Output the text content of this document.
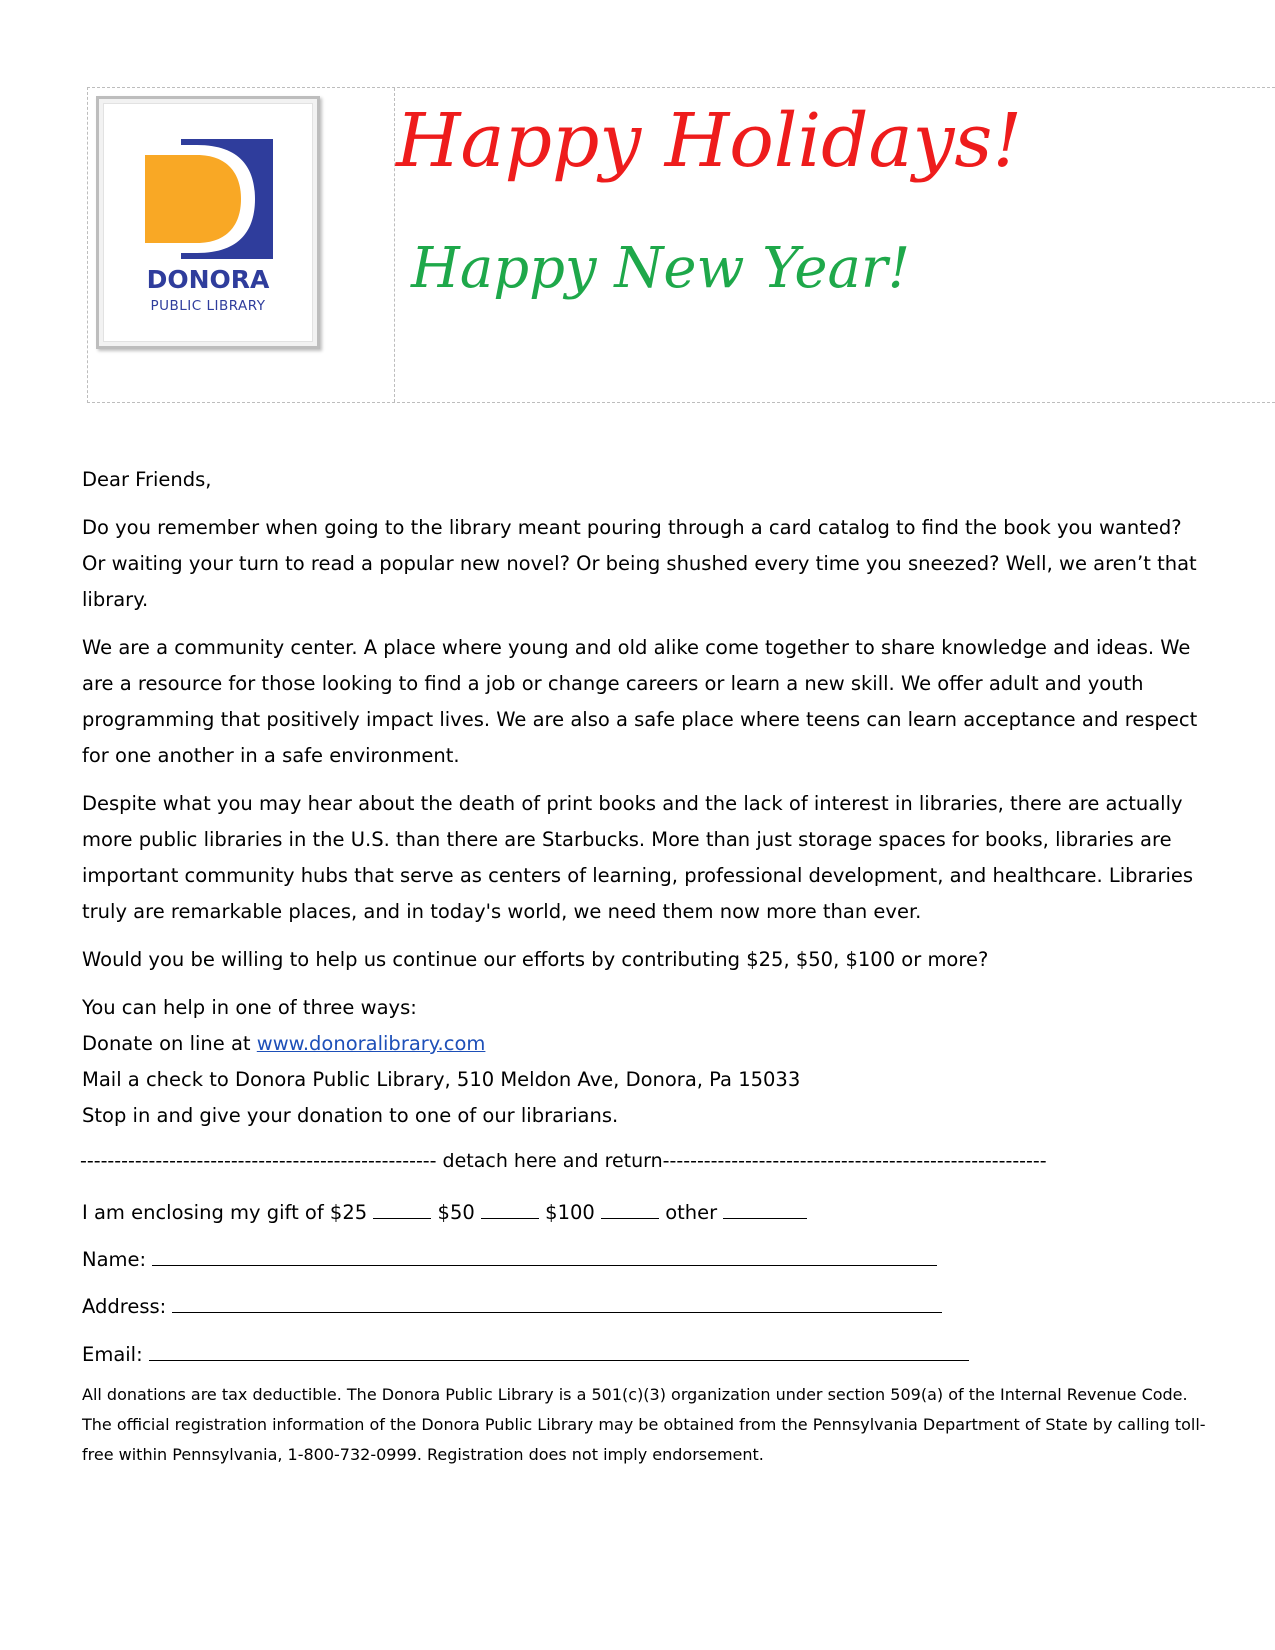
DONORA
PUBLIC LIBRARY
Happy Holidays!
Happy New Year!

Dear Friends,

Do you remember when going to the library meant pouring through a card catalog to find the book you wanted? Or waiting your turn to read a popular new novel? Or being shushed every time you sneezed? Well, we aren’t that library.

We are a community center. A place where young and old alike come together to share knowledge and ideas. We are a resource for those looking to find a job or change careers or learn a new skill. We offer adult and youth programming that positively impact lives. We are also a safe place where teens can learn acceptance and respect for one another in a safe environment.

Despite what you may hear about the death of print books and the lack of interest in libraries, there are actually more public libraries in the U.S. than there are Starbucks. More than just storage spaces for books, libraries are important community hubs that serve as centers of learning, professional development, and healthcare. Libraries truly are remarkable places, and in today's world, we need them now more than ever.

Would you be willing to help us continue our efforts by contributing $25, $50, $100 or more?

You can help in one of three ways:
Donate on line at www.donoralibrary.com
Mail a check to Donora Public Library, 510 Meldon Ave, Donora, Pa 15033
Stop in and give your donation to one of our librarians.
---------------------------------------------------- detach here and return--------------------------------------------------------
I am enclosing my gift of $25	$50	$100	other
Name:
Address:
Email:
All donations are tax deductible. The Donora Public Library is a 501(c)(3) organization under section 509(a) of the Internal Revenue Code. The official registration information of the Donora Public Library may be obtained from the Pennsylvania Department of State by calling toll-free within Pennsylvania, 1-800-732-0999. Registration does not imply endorsement.
